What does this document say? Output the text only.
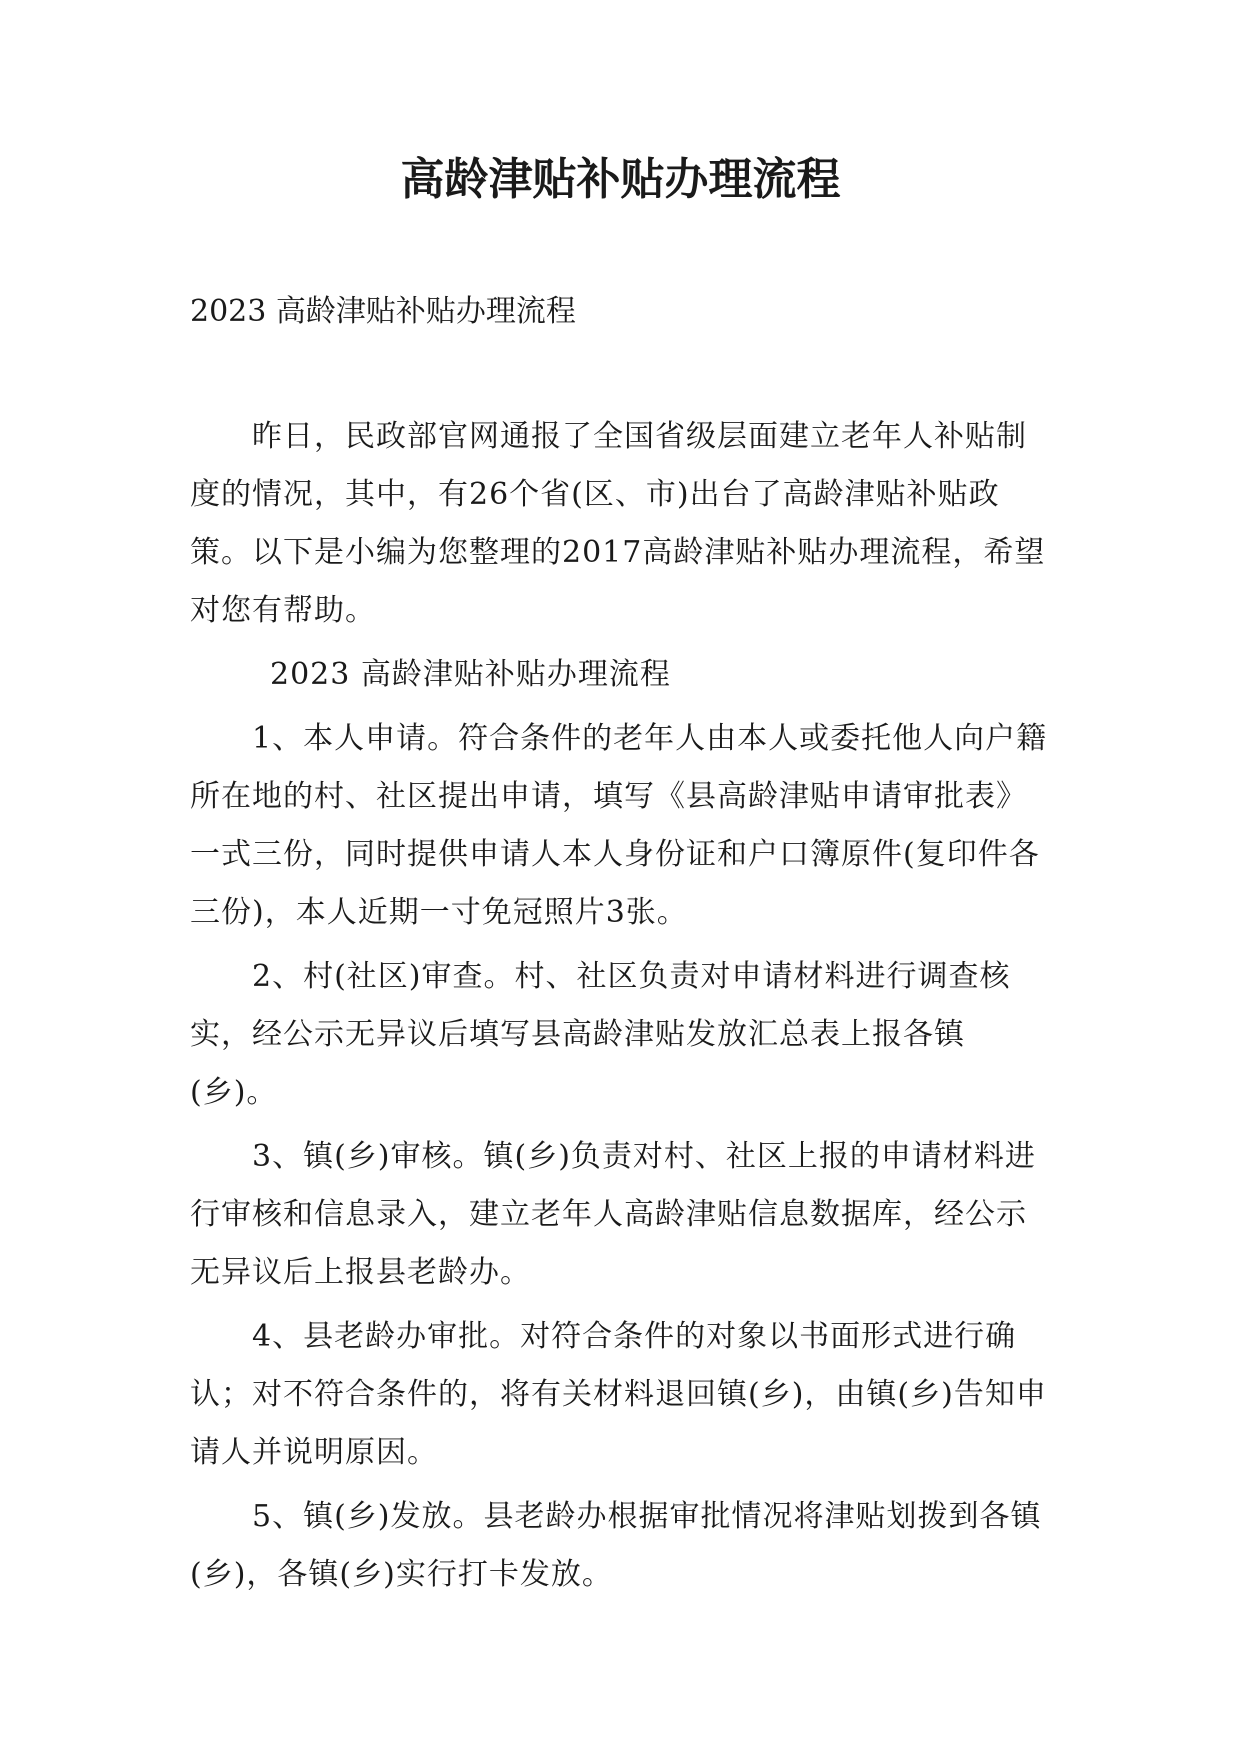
高龄津贴补贴办理流程

2023 高龄津贴补贴办理流程

昨日，民政部官网通报了全国省级层面建立老年人补贴制度的情况，其中，有26个省(区、市)出台了高龄津贴补贴政策。以下是小编为您整理的2017高龄津贴补贴办理流程，希望对您有帮助。

2023 高龄津贴补贴办理流程

1、本人申请。符合条件的老年人由本人或委托他人向户籍所在地的村、社区提出申请，填写《县高龄津贴申请审批表》一式三份，同时提供申请人本人身份证和户口簿原件(复印件各三份)，本人近期一寸免冠照片3张。

2、村(社区)审查。村、社区负责对申请材料进行调查核实，经公示无异议后填写县高龄津贴发放汇总表上报各镇(乡)。

3、镇(乡)审核。镇(乡)负责对村、社区上报的申请材料进行审核和信息录入，建立老年人高龄津贴信息数据库，经公示无异议后上报县老龄办。

4、县老龄办审批。对符合条件的对象以书面形式进行确认；对不符合条件的，将有关材料退回镇(乡)，由镇(乡)告知申请人并说明原因。

5、镇(乡)发放。县老龄办根据审批情况将津贴划拨到各镇(乡)，各镇(乡)实行打卡发放。
